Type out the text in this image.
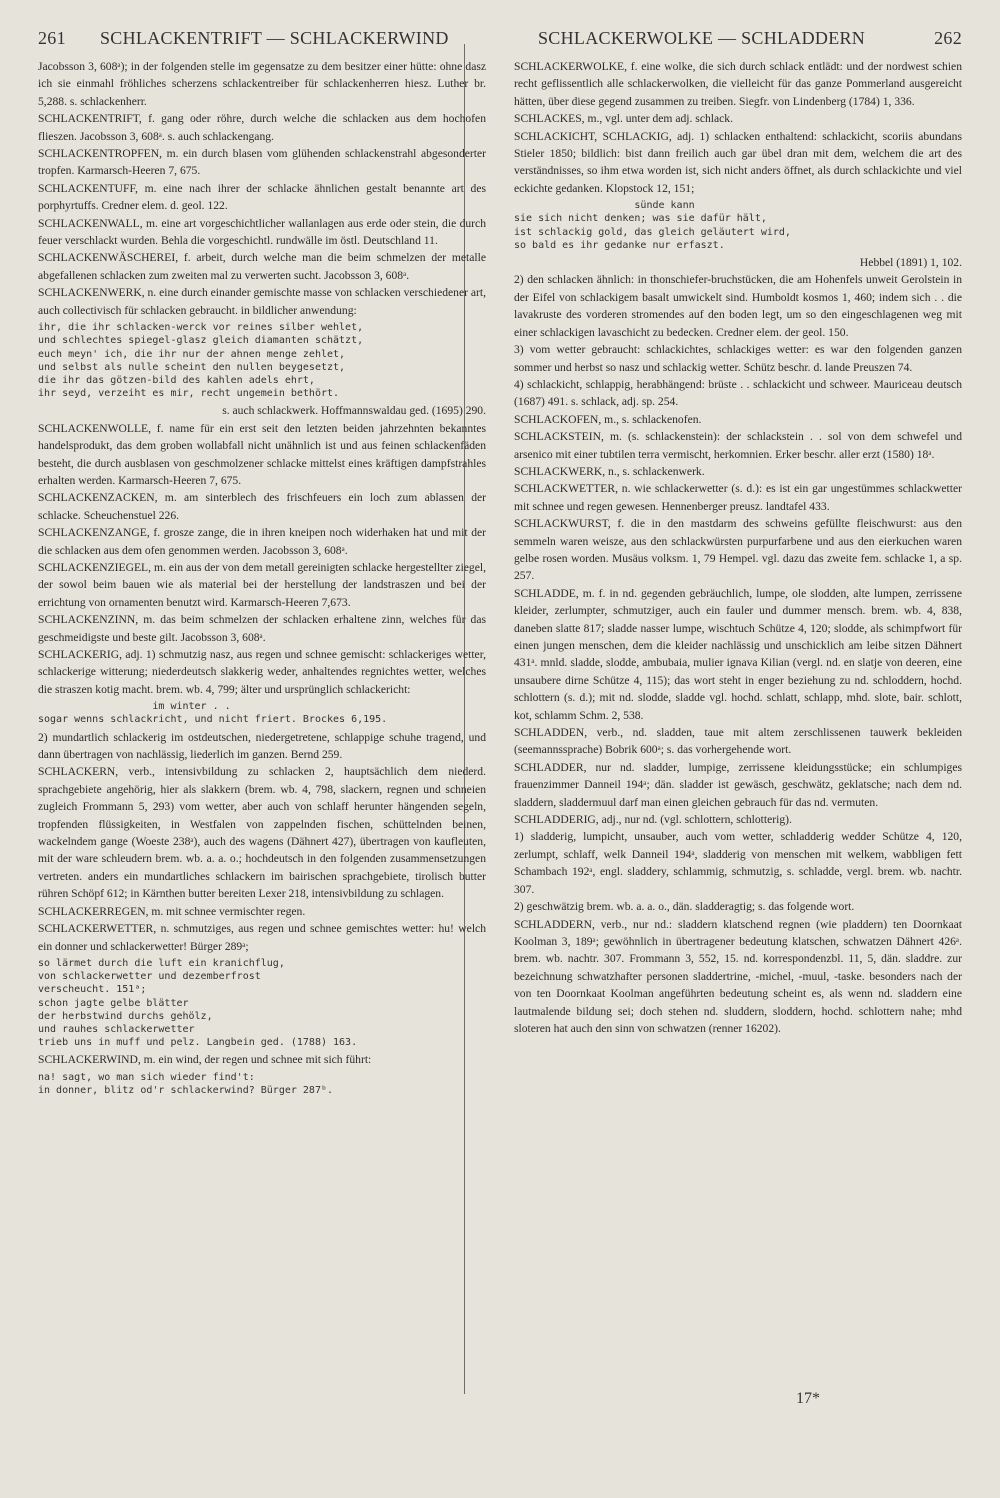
261 SCHLACKENTRIFT — SCHLACKERWIND	SCHLACKERWOLKE — SCHLADDERN	262
Jacobsson 3, 608ᵃ); in der folgenden stelle im gegensatze zu dem besitzer einer hütte: ohne dasz ich sie einmahl fröhliches scherzens schlackentreiber für schlackenherren hiesz. Luther br. 5,288. s. schlackenherr.
SCHLACKENTRIFT, f. gang oder röhre, durch welche die schlacken aus dem hochofen flieszen. Jacobsson 3, 608ᵃ. s. auch schlackengang.
SCHLACKENTROPFEN, m. ein durch blasen vom glühenden schlackenstrahl abgesonderter tropfen. Karmarsch-Heeren 7, 675.
SCHLACKENTUFF, m. eine nach ihrer der schlacke ähnlichen gestalt benannte art des porphyrtuffs. Credner elem. d. geol. 122.
SCHLACKENWALL, m. eine art vorgeschichtlicher wallanlagen aus erde oder stein, die durch feuer verschlackt wurden. Behla die vorgeschichtl. rundwälle im östl. Deutschland 11.
SCHLACKENWÄSCHEREI, f. arbeit, durch welche man die beim schmelzen der metalle abgefallenen schlacken zum zweiten mal zu verwerten sucht. Jacobsson 3, 608ᵃ.
SCHLACKENWERK, n. eine durch einander gemischte masse von schlacken verschiedener art, auch collectivisch für schlacken gebraucht. in bildlicher anwendung:
ihr, die ihr schlacken-werck vor reines silber wehlet,
und schlechtes spiegel-glasz gleich diamanten schätzt,
euch meyn' ich, die ihr nur der ahnen menge zehlet,
und selbst als nulle scheint den nullen beygesetzt,
die ihr das götzen-bild des kahlen adels ehrt,
ihr seyd, verzeiht es mir, recht ungemein bethört.
s. auch schlackwerk. Hoffmannswaldau ged. (1695) 290.
SCHLACKENWOLLE, f. name für ein erst seit den letzten beiden jahrzehnten bekanntes handelsprodukt, das dem groben wollabfall nicht unähnlich ist und aus feinen schlackenfäden besteht, die durch ausblasen von geschmolzener schlacke mittelst eines kräftigen dampfstrahles erhalten werden. Karmarsch-Heeren 7, 675.
SCHLACKENZACKEN, m. am sinterblech des frischfeuers ein loch zum ablassen der schlacke. Scheuchenstuel 226.
SCHLACKENZANGE, f. grosze zange, die in ihren kneipen noch widerhaken hat und mit der die schlacken aus dem ofen genommen werden. Jacobsson 3, 608ᵃ.
SCHLACKENZIEGEL, m. ein aus der von dem metall gereinigten schlacke hergestellter ziegel, der sowol beim bauen wie als material bei der herstellung der landstraszen und bei der errichtung von ornamenten benutzt wird. Karmarsch-Heeren 7,673.
SCHLACKENZINN, m. das beim schmelzen der schlacken erhaltene zinn, welches für das geschmeidigste und beste gilt. Jacobsson 3, 608ᵃ.
SCHLACKERIG, adj. 1) schmutzig nasz, aus regen und schnee gemischt: schlackeriges wetter, schlackerige witterung; niederdeutsch slakkerig weder, anhaltendes regnichtes wetter, welches die straszen kotig macht. brem. wb. 4, 799; älter und ursprünglich schlackericht:
im winter . .
sogar wenns schlackricht, und nicht friert. Brockes 6,195.
2) mundartlich schlackerig im ostdeutschen, niedergetretene, schlappige schuhe tragend, und dann übertragen von nachlässig, liederlich im ganzen. Bernd 259.
SCHLACKERN, verb., intensivbildung zu schlacken 2, hauptsächlich dem niederd. sprachgebiete angehörig, hier als slakkern (brem. wb. 4, 798, slackern, regnen und schneien zugleich Frommann 5, 293) vom wetter, aber auch von schlaff herunter hängenden segeln, tropfenden flüssigkeiten, in Westfalen von zappelnden fischen, schüttelnden beinen, wackelndem gange (Woeste 238ᵃ), auch des wagens (Dähnert 427), übertragen von kaufleuten, mit der ware schleudern brem. wb. a. a. o.; hochdeutsch in den folgenden zusammensetzungen vertreten. anders ein mundartliches schlackern im bairischen sprachgebiete, tirolisch butter rühren Schöpf 612; in Kärnthen butter bereiten Lexer 218, intensivbildung zu schlagen.
SCHLACKERREGEN, m. mit schnee vermischter regen.
SCHLACKERWETTER, n. schmutziges, aus regen und schnee gemischtes wetter: hu! welch ein donner und schlackerwetter! Bürger 289ᵃ;
so lärmet durch die luft ein kranichflug,
von schlackerwetter und dezemberfrost
verscheucht. 151ᵃ;
schon jagte gelbe blätter
der herbstwind durchs gehölz,
und rauhes schlackerwetter
trieb uns in muff und pelz. Langbein ged. (1788) 163.
SCHLACKERWIND, m. ein wind, der regen und schnee mit sich führt:
na! sagt, wo man sich wieder find't:
in donner, blitz od'r schlackerwind? Bürger 287ᵇ.
SCHLACKERWOLKE, f. eine wolke, die sich durch schlack entlädt: und der nordwest schien recht geflissentlich alle schlackerwolken, die vielleicht für das ganze Pommerland ausgereicht hätten, über diese gegend zusammen zu treiben. Siegfr. von Lindenberg (1784) 1, 336.
SCHLACKES, m., vgl. unter dem adj. schlack.
SCHLACKICHT, SCHLACKIG, adj. 1) schlacken enthaltend: schlackicht, scoriis abundans Stieler 1850; bildlich: bist dann freilich auch gar übel dran mit dem, welchem die art des verständnisses, so ihm etwa worden ist, sich nicht anders öffnet, als durch schlackichte und viel eckichte gedanken. Klopstock 12, 151;
sünde kann
sie sich nicht denken; was sie dafür hält,
ist schlackig gold, das gleich geläutert wird,
so bald es ihr gedanke nur erfaszt.
Hebbel (1891) 1, 102.
2) den schlacken ähnlich: in thonschiefer-bruchstücken, die am Hohenfels unweit Gerolstein in der Eifel von schlackigem basalt umwickelt sind. Humboldt kosmos 1, 460; indem sich . . die lavakruste des vorderen stromendes auf den boden legt, um so den eingeschlagenen weg mit einer schlackigen lavaschicht zu bedecken. Credner elem. der geol. 150.
3) vom wetter gebraucht: schlackichtes, schlackiges wetter: es war den folgenden ganzen sommer und herbst so nasz und schlackig wetter. Schütz beschr. d. lande Preuszen 74.
4) schlackicht, schlappig, herabhängend: brüste . . schlackicht und schweer. Mauriceau deutsch (1687) 491. s. schlack, adj. sp. 254.
SCHLACKOFEN, m., s. schlackenofen.
SCHLACKSTEIN, m. (s. schlackenstein): der schlackstein . . sol von dem schwefel und arsenico mit einer tubtilen terra vermischt, herkomnien. Erker beschr. aller erzt (1580) 18ᵃ.
SCHLACKWERK, n., s. schlackenwerk.
SCHLACKWETTER, n. wie schlackerwetter (s. d.): es ist ein gar ungestümmes schlackwetter mit schnee und regen gewesen. Hennenberger preusz. landtafel 433.
SCHLACKWURST, f. die in den mastdarm des schweins gefüllte fleischwurst: aus den semmeln waren weisze, aus den schlackwürsten purpurfarbene und aus den eierkuchen waren gelbe rosen worden. Musäus volksm. 1, 79 Hempel. vgl. dazu das zweite fem. schlacke 1, a sp. 257.
SCHLADDE, m. f. in nd. gegenden gebräuchlich, lumpe, ole slodden, alte lumpen, zerrissene kleider, zerlumpter, schmutziger, auch ein fauler und dummer mensch. brem. wb. 4, 838, daneben slatte 817; sladde nasser lumpe, wischtuch Schütze 4, 120; slodde, als schimpfwort für einen jungen menschen, dem die kleider nachlässig und unschicklich am leibe sitzen Dähnert 431ᵃ. mnld. sladde, slodde, ambubaia, mulier ignava Kilian (vergl. nd. en slatje von deeren, eine unsaubere dirne Schütze 4, 115); das wort steht in enger beziehung zu nd. schloddern, hochd. schlottern (s. d.); mit nd. slodde, sladde vgl. hochd. schlatt, schlapp, mhd. slote, bair. schlott, kot, schlamm Schm. 2, 538.
SCHLADDEN, verb., nd. sladden, taue mit altem zerschlissenen tauwerk bekleiden (seemannssprache) Bobrik 600ᵃ; s. das vorhergehende wort.
SCHLADDER, nur nd. sladder, lumpige, zerrissene kleidungsstücke; ein schlumpiges frauenzimmer Danneil 194ᵃ; dän. sladder ist gewäsch, geschwätz, geklatsche; nach dem nd. sladdern, sladdermuul darf man einen gleichen gebrauch für das nd. vermuten.
SCHLADDERIG, adj., nur nd. (vgl. schlottern, schlotterig).
1) sladderig, lumpicht, unsauber, auch vom wetter, schladderig wedder Schütze 4, 120, zerlumpt, schlaff, welk Danneil 194ᵃ, sladderig von menschen mit welkem, wabbligen fett Schambach 192ᵃ, engl. sladdery, schlammig, schmutzig, s. schladde, vergl. brem. wb. nachtr. 307.
2) geschwätzig brem. wb. a. a. o., dän. sladderagtig; s. das folgende wort.
SCHLADDERN, verb., nur nd.: sladdern klatschend regnen (wie pladdern) ten Doornkaat Koolman 3, 189ᵃ; gewöhnlich in übertragener bedeutung klatschen, schwatzen Dähnert 426ᵃ. brem. wb. nachtr. 307. Frommann 3, 552, 15. nd. korrespondenzbl. 11, 5, dän. sladdre. zur bezeichnung schwatzhafter personen sladdertrine, -michel, -muul, -taske. besonders nach der von ten Doornkaat Koolman angeführten bedeutung scheint es, als wenn nd. sladdern eine lautmalende bildung sei; doch stehen nd. sluddern, sloddern, hochd. schlottern nahe; mhd sloteren hat auch den sinn von schwatzen (renner 16202).
17*
